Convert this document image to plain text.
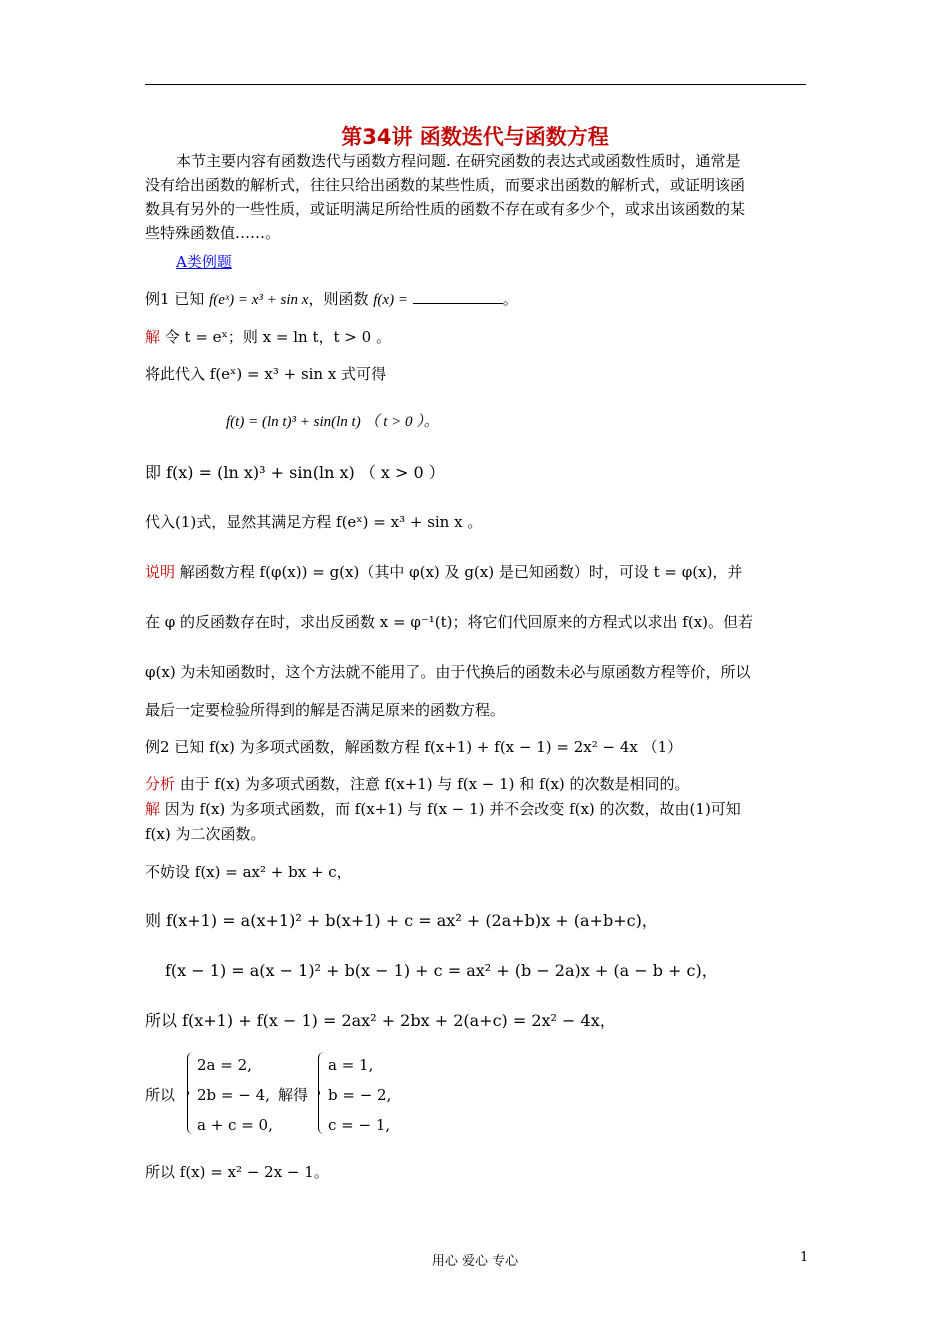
第34讲 函数迭代与函数方程
本节主要内容有函数迭代与函数方程问题. 在研究函数的表达式或函数性质时，通常是
没有给出函数的解析式，往往只给出函数的某些性质，而要求出函数的解析式，或证明该函
数具有另外的一些性质，或证明满足所给性质的函数不存在或有多少个，或求出该函数的某
些特殊函数值……。
A类例题
例1 已知 f(eˣ) = x³ + sin x，则函数 f(x) =	。
解 令 t = eˣ；则 x = ln t，t > 0 。
将此代入 f(eˣ) = x³ + sin x 式可得
f(t) = (ln t)³ + sin(ln t) （ t > 0 ）。
即 f(x) = (ln x)³ + sin(ln x) （ x > 0 ）
代入(1)式，显然其满足方程 f(eˣ) = x³ + sin x 。
说明 解函数方程 f(φ(x)) = g(x)（其中 φ(x) 及 g(x) 是已知函数）时，可设 t = φ(x)，并
在 φ 的反函数存在时，求出反函数 x = φ⁻¹(t)；将它们代回原来的方程式以求出 f(x)。但若
φ(x) 为未知函数时，这个方法就不能用了。由于代换后的函数未必与原函数方程等价，所以
最后一定要检验所得到的解是否满足原来的函数方程。
例2 已知 f(x) 为多项式函数，解函数方程 f(x+1) + f(x − 1) = 2x² − 4x （1）
分析 由于 f(x) 为多项式函数，注意 f(x+1) 与 f(x − 1) 和 f(x) 的次数是相同的。
解 因为 f(x) 为多项式函数，而 f(x+1) 与 f(x − 1) 并不会改变 f(x) 的次数，故由(1)可知
f(x) 为二次函数。
不妨设 f(x) = ax² + bx + c，
则 f(x+1) = a(x+1)² + b(x+1) + c = ax² + (2a+b)x + (a+b+c)，
f(x − 1) = a(x − 1)² + b(x − 1) + c = ax² + (b − 2a)x + (a − b + c)，
所以 f(x+1) + f(x − 1) = 2ax² + 2bx + 2(a+c) = 2x² − 4x，
所以
2a = 2,
2b = − 4,
a + c = 0,
解得
a = 1,
b = − 2,
c = − 1,
所以 f(x) = x² − 2x − 1。
用心 爱心 专心	1
